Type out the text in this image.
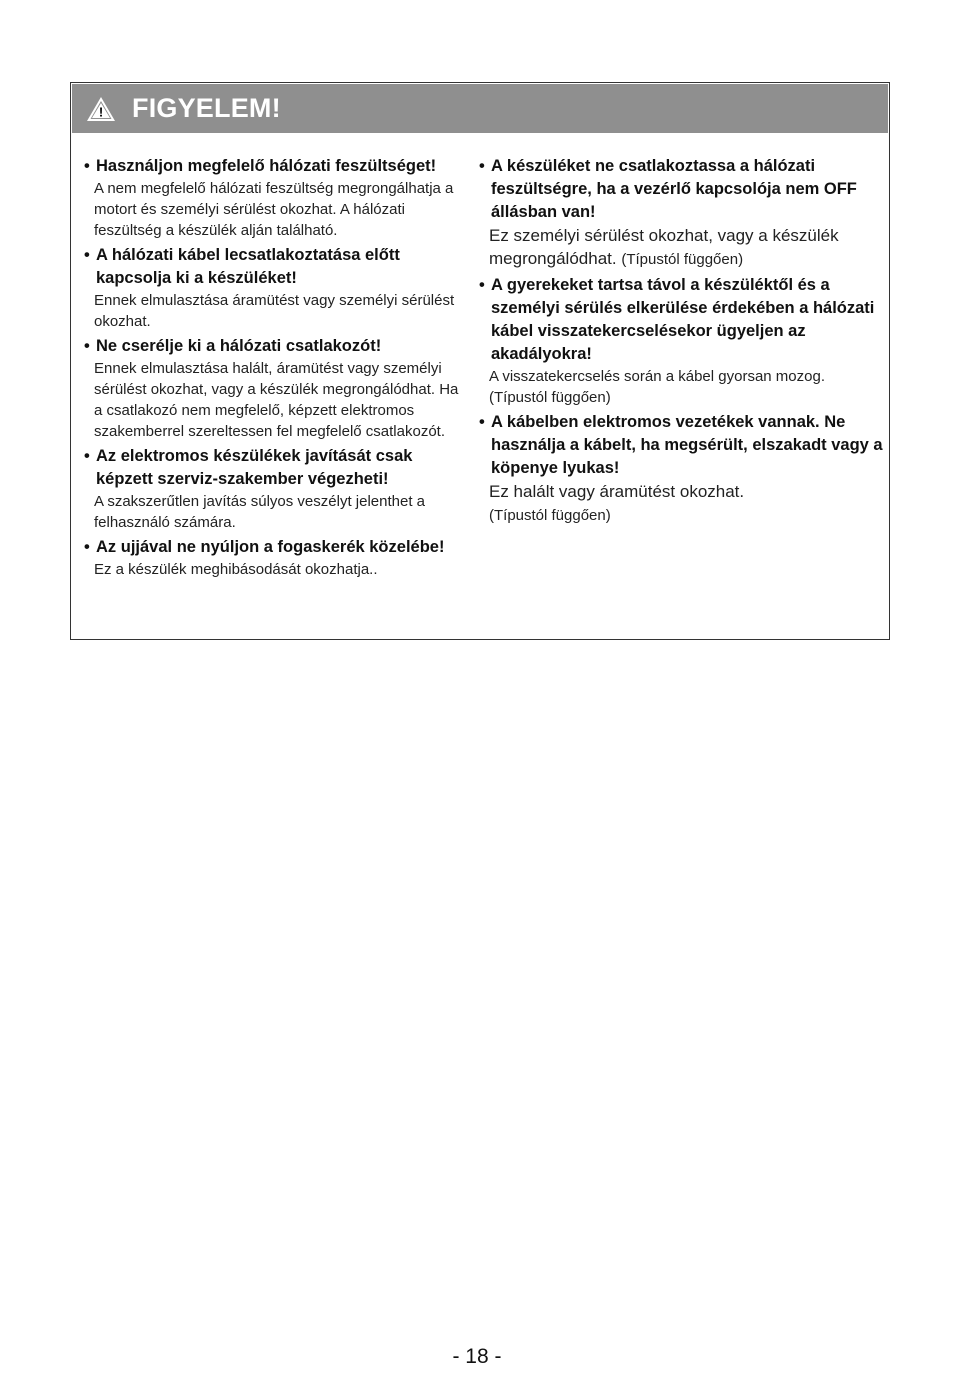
! FIGYELEM!
• Használjon megfelelő hálózati feszültséget!
A nem megfelelő hálózati feszültség megrongálhatja a motort és személyi sérülést okozhat. A hálózati feszültség a készülék alján található.
• A hálózati kábel lecsatlakoztatása előtt kapcsolja ki a készüléket!
Ennek elmulasztása áramütést vagy személyi sérülést okozhat.
• Ne cserélje ki a hálózati csatlakozót!
Ennek elmulasztása halált, áramütést vagy személyi sérülést okozhat, vagy a készülék megrongálódhat. Ha a csatlakozó nem megfelelő, képzett elektromos szakemberrel szereltessen fel megfelelő csatlakozót.
• Az elektromos készülékek javítását csak képzett szerviz-szakember végezheti!
A szakszerűtlen javítás súlyos veszélyt jelenthet a felhasználó számára.
• Az ujjával ne nyúljon a fogaskerék közelébe!
Ez a készülék meghibásodását okozhatja..
• A készüléket ne csatlakoztassa a hálózati feszültségre, ha a vezérlő kapcsolója nem OFF állásban van!
Ez személyi sérülést okozhat, vagy a készülék megrongálódhat. (Típustól függően)
• A gyerekeket tartsa távol a készüléktől és a személyi sérülés elkerülése érdekében a hálózati kábel visszatekercselésekor ügyeljen az akadályokra!
A visszatekercselés során a kábel gyorsan mozog.
(Típustól függően)
• A kábelben elektromos vezetékek vannak. Ne használja a kábelt, ha megsérült, elszakadt vagy a köpenye lyukas!
Ez halált vagy áramütést okozhat.
(Típustól függően)
- 18 -
